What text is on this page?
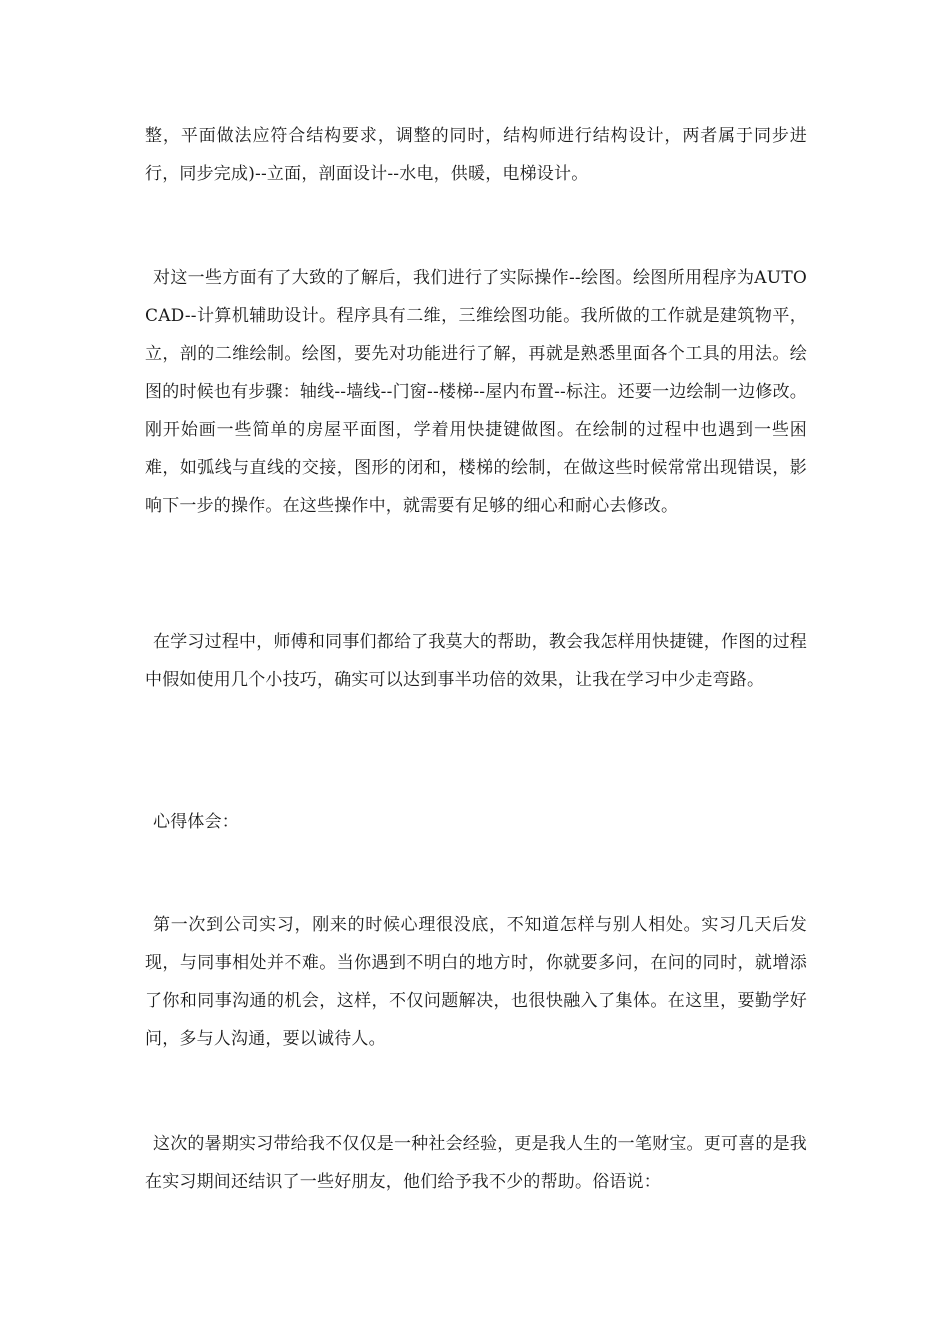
整，平面做法应符合结构要求，调整的同时，结构师进行结构设计，两者属于同步进行，同步完成)--立面，剖面设计--水电，供暖，电梯设计。

对这一些方面有了大致的了解后，我们进行了实际操作--绘图。绘图所用程序为AUTOCAD--计算机辅助设计。程序具有二维，三维绘图功能。我所做的工作就是建筑物平，立，剖的二维绘制。绘图，要先对功能进行了解，再就是熟悉里面各个工具的用法。绘图的时候也有步骤：轴线--墙线--门窗--楼梯--屋内布置--标注。还要一边绘制一边修改。刚开始画一些简单的房屋平面图，学着用快捷键做图。在绘制的过程中也遇到一些困难，如弧线与直线的交接，图形的闭和，楼梯的绘制，在做这些时候常常出现错误，影响下一步的操作。在这些操作中，就需要有足够的细心和耐心去修改。

在学习过程中，师傅和同事们都给了我莫大的帮助，教会我怎样用快捷键，作图的过程中假如使用几个小技巧，确实可以达到事半功倍的效果，让我在学习中少走弯路。

心得体会：

第一次到公司实习，刚来的时候心理很没底，不知道怎样与别人相处。实习几天后发现，与同事相处并不难。当你遇到不明白的地方时，你就要多问，在问的同时，就增添了你和同事沟通的机会，这样，不仅问题解决，也很快融入了集体。在这里，要勤学好问，多与人沟通，要以诚待人。

这次的暑期实习带给我不仅仅是一种社会经验，更是我人生的一笔财宝。更可喜的是我在实习期间还结识了一些好朋友，他们给予我不少的帮助。俗语说：
